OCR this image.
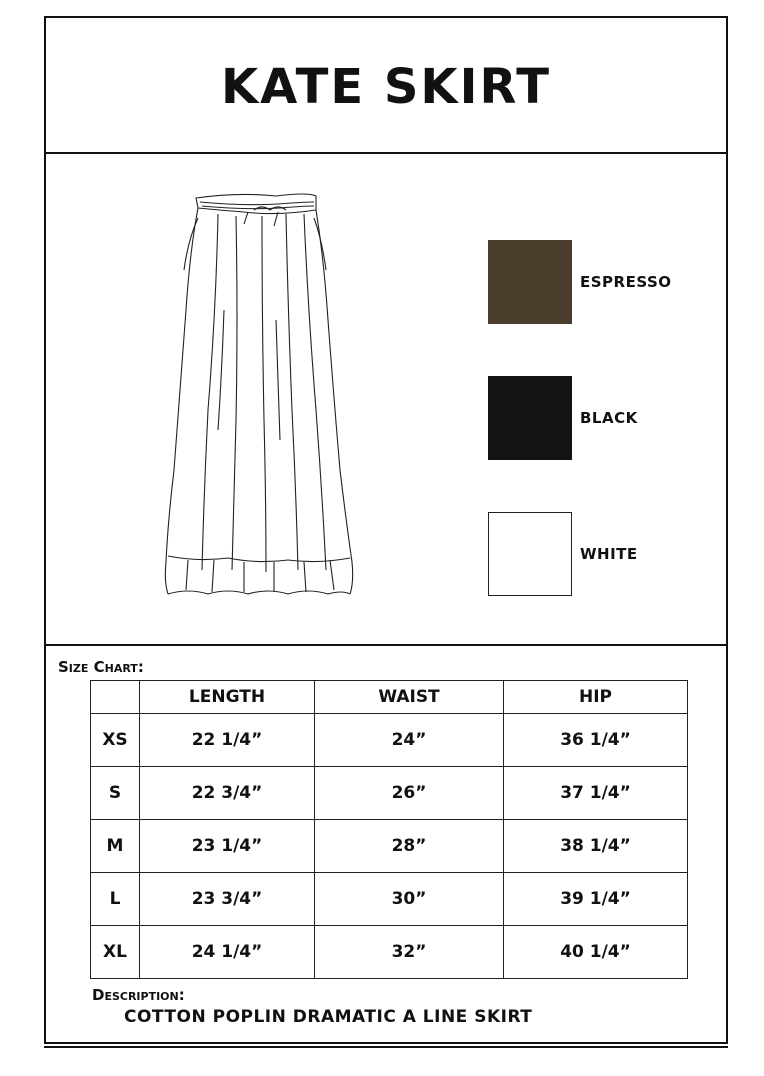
KATE SKIRT
ESPRESSO
BLACK
WHITE
Size Chart:
	LENGTH	WAIST	HIP
XS	22 1/4”	24”	36 1/4”
S	22 3/4”	26”	37 1/4”
M	23 1/4”	28”	38 1/4”
L	23 3/4”	30”	39 1/4”
XL	24 1/4”	32”	40 1/4”
Description:
COTTON POPLIN DRAMATIC A LINE SKIRT
